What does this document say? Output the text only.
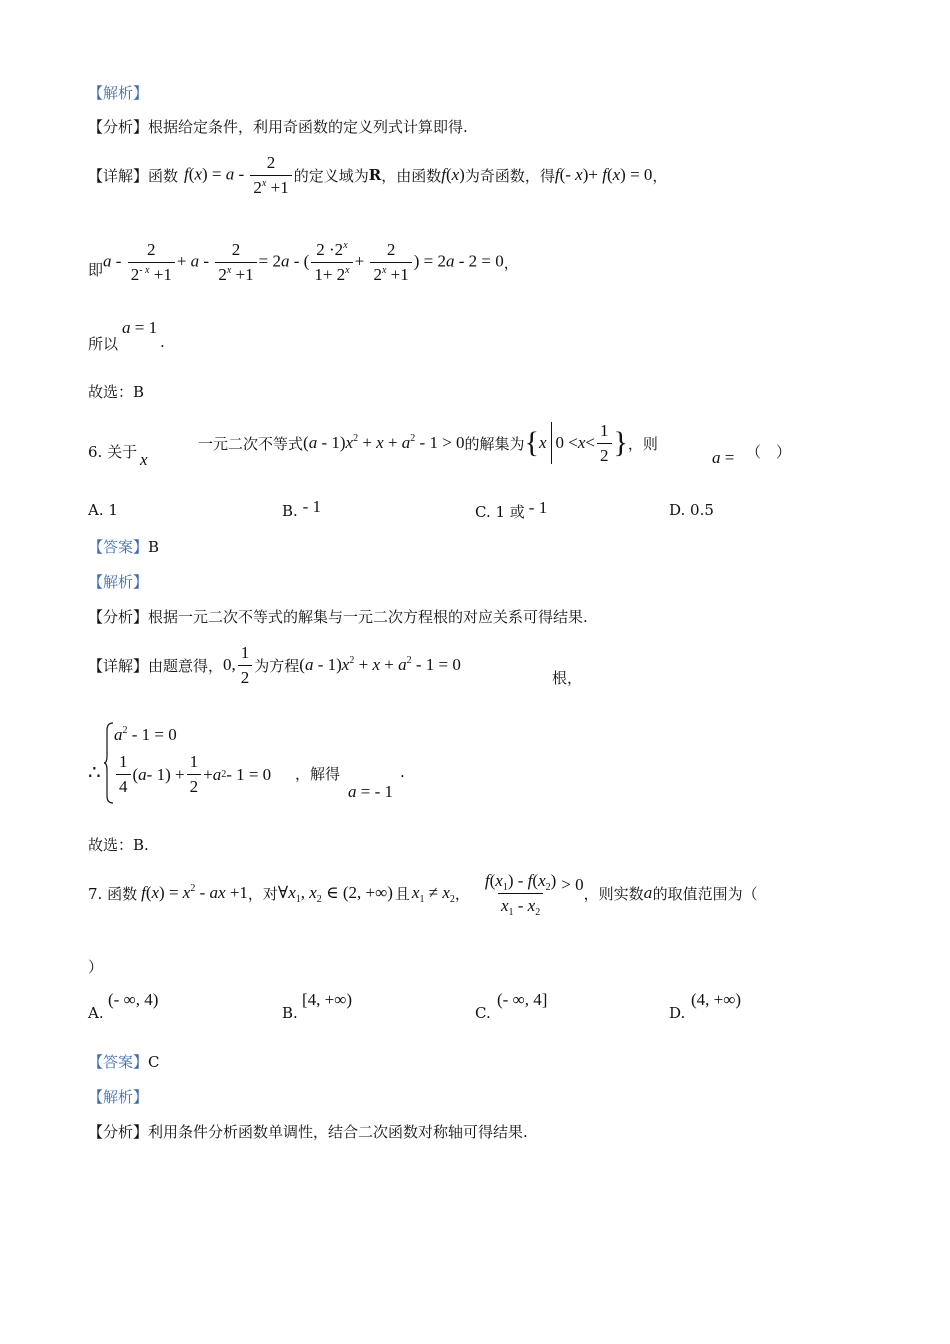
【解析】
【分析】根据给定条件，利用奇函数的定义列式计算即得.
【详解】 函数 $f(x) = a - \frac{2}{2^x +1}$ 的定义域为 R ，由函数 f(x) 为奇函数，得 f(- x)+ f(x) = 0 ，
即 $a - \frac{2}{2^{- x} +1} + a - \frac{2}{2^x +1} = 2a$ - ( $\frac{2 \cdot 2^x}{1+ 2^x} + \frac{2}{2^x +1}$ ) = 2a - 2 = 0 ，
所以
a = 1
.
故选：B
6. 关于 x
一元二次不等式 $(a - 1)x^2 + x + a^2 - 1 > 0$ 的解集为 { x $0 < x < \frac{1}{2}$ } ，则
a = （　）
A. 1	B. - 1	C. 1 或 - 1	D. 0.5
【答案】B
【解析】
【分析】根据一元二次不等式的解集与一元二次方程根的对应关系可得结果.
【详解】 由题意得， 0, $\frac{1}{2}$ 为方程 $(a - 1)x^2 + x + a^2 - 1 = 0$
根，
∴
$a^2 - 1 = 0$
$\frac{1}{4}$ ( $a - 1) + \frac{1}{2} + a$ 2 - 1 = 0 ，解得
a = - 1
.
故选：B.
7. 函数 $f(x) = x^2$ - ax +1 ，对 $\forall x_1$, $x_2$ ∈ (2, +∞) 且 $x_1 \ne x_2$ ， $\frac{f(x_1) - f(x_2)}{x_1 - x_2} > 0$ ，则实数 a 的取值范围为（
）
A.
(- ∞, 4)
B.
[4, +∞)
C.
(- ∞, 4]
D.
(4, +∞)
【答案】C
【解析】
【分析】利用条件分析函数单调性，结合二次函数对称轴可得结果.
